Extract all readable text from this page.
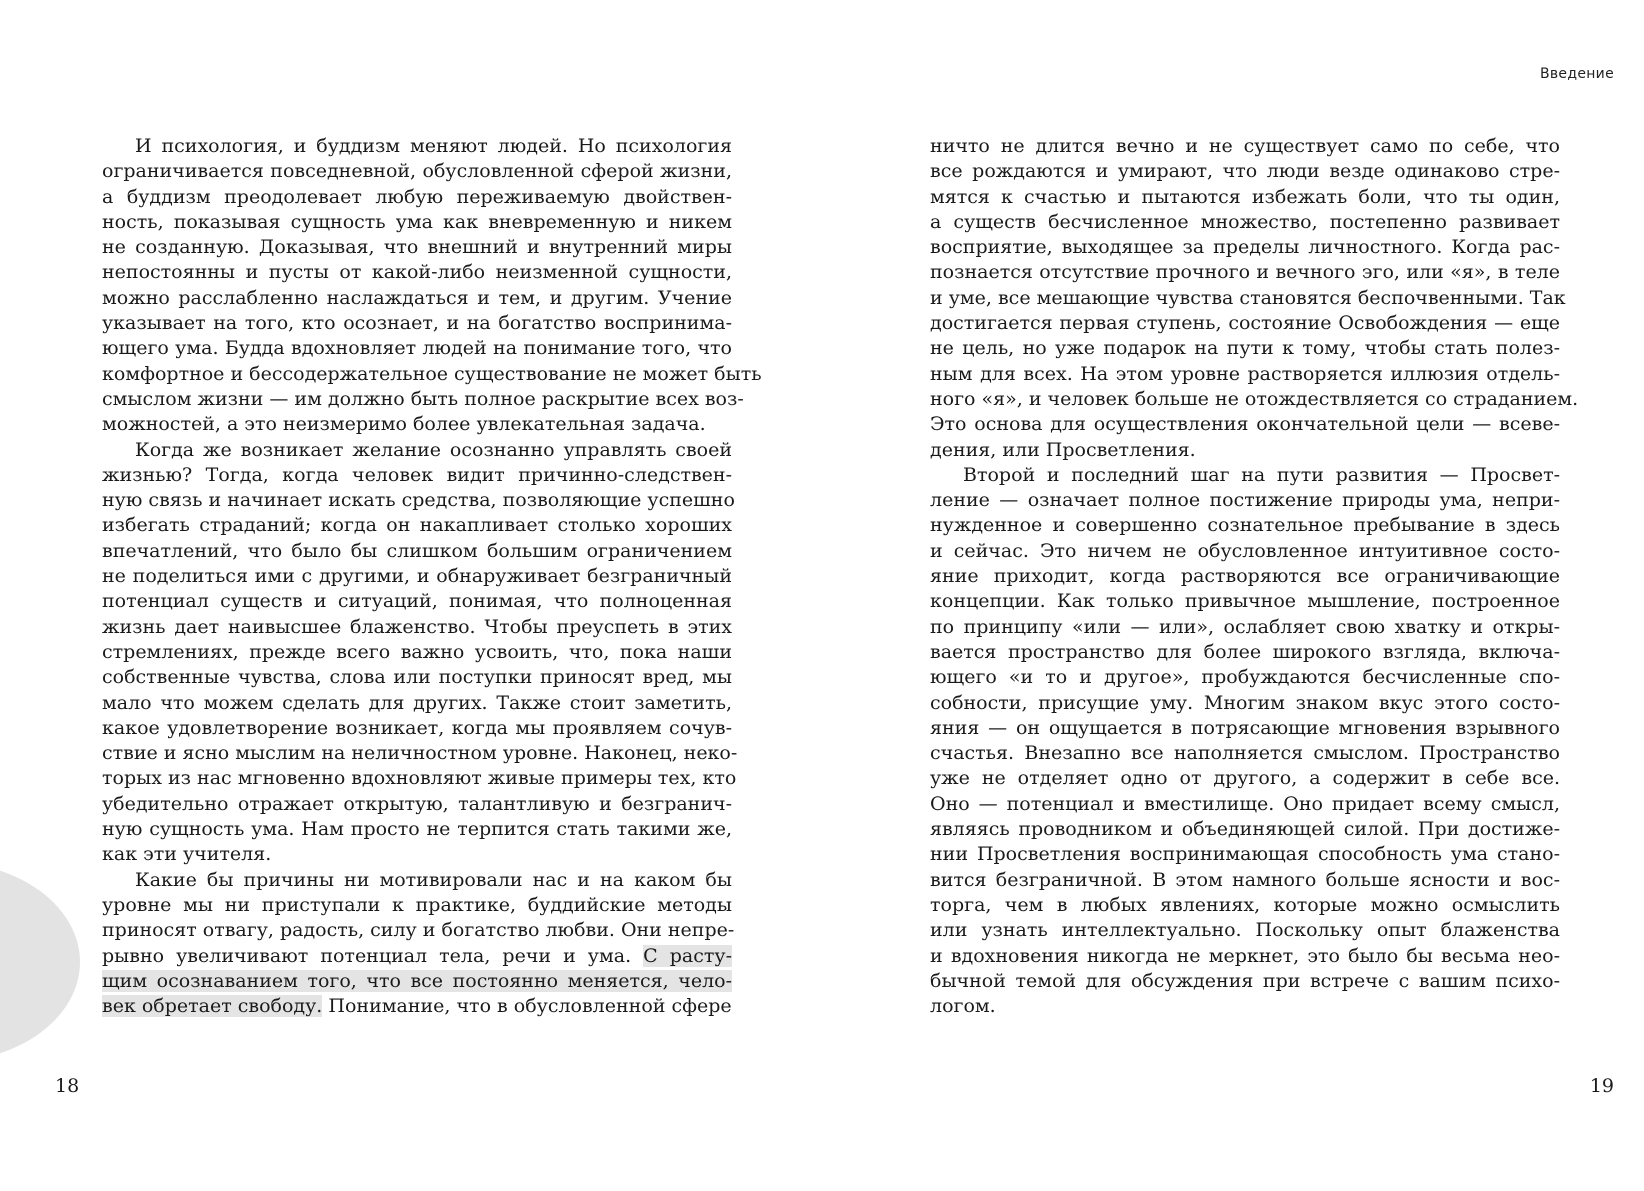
И психология, и буддизм меняют людей. Но психология
ограничивается повседневной, обусловленной сферой жизни,
а буддизм преодолевает любую переживаемую двойствен-
ность, показывая сущность ума как вневременную и никем
не созданную. Доказывая, что внешний и внутренний миры
непостоянны и пусты от какой-либо неизменной сущности,
можно расслабленно наслаждаться и тем, и другим. Учение
указывает на того, кто осознает, и на богатство воспринима-
ющего ума. Будда вдохновляет людей на понимание того, что
комфортное и бессодержательное существование не может быть
смыслом жизни — им должно быть полное раскрытие всех воз-
можностей, а это неизмеримо более увлекательная задача.
Когда же возникает желание осознанно управлять своей
жизнью? Тогда, когда человек видит причинно-следствен-
ную связь и начинает искать средства, позволяющие успешно
избегать страданий; когда он накапливает столько хороших
впечатлений, что было бы слишком большим ограничением
не поделиться ими с другими, и обнаруживает безграничный
потенциал существ и ситуаций, понимая, что полноценная
жизнь дает наивысшее блаженство. Чтобы преуспеть в этих
стремлениях, прежде всего важно усвоить, что, пока наши
собственные чувства, слова или поступки приносят вред, мы
мало что можем сделать для других. Также стоит заметить,
какое удовлетворение возникает, когда мы проявляем сочув-
ствие и ясно мыслим на неличностном уровне. Наконец, неко-
торых из нас мгновенно вдохновляют живые примеры тех, кто
убедительно отражает открытую, талантливую и безгранич-
ную сущность ума. Нам просто не терпится стать такими же,
как эти учителя.
Какие бы причины ни мотивировали нас и на каком бы
уровне мы ни приступали к практике, буддийские методы
приносят отвагу, радость, силу и богатство любви. Они непре-
рывно увеличивают потенциал тела, речи и ума. С расту-
щим осознаванием того, что все постоянно меняется, чело-
век обретает свободу. Понимание, что в обусловленной сфере
18
Введение
ничто не длится вечно и не существует само по себе, что
все рождаются и умирают, что люди везде одинаково стре-
мятся к счастью и пытаются избежать боли, что ты один,
а существ бесчисленное множество, постепенно развивает
восприятие, выходящее за пределы личностного. Когда рас-
познается отсутствие прочного и вечного эго, или «я», в теле
и уме, все мешающие чувства становятся беспочвенными. Так
достигается первая ступень, состояние Освобождения — еще
не цель, но уже подарок на пути к тому, чтобы стать полез-
ным для всех. На этом уровне растворяется иллюзия отдель-
ного «я», и человек больше не отождествляется со страданием.
Это основа для осуществления окончательной цели — всеве-
дения, или Просветления.
Второй и последний шаг на пути развития — Просвет-
ление — означает полное постижение природы ума, непри-
нужденное и совершенно сознательное пребывание в здесь
и сейчас. Это ничем не обусловленное интуитивное состо-
яние приходит, когда растворяются все ограничивающие
концепции. Как только привычное мышление, построенное
по принципу «или — или», ослабляет свою хватку и откры-
вается пространство для более широкого взгляда, включа-
ющего «и то и другое», пробуждаются бесчисленные спо-
собности, присущие уму. Многим знаком вкус этого состо-
яния — он ощущается в потрясающие мгновения взрывного
счастья. Внезапно все наполняется смыслом. Пространство
уже не отделяет одно от другого, а содержит в себе все.
Оно — потенциал и вместилище. Оно придает всему смысл,
являясь проводником и объединяющей силой. При достиже-
нии Просветления воспринимающая способность ума стано-
вится безграничной. В этом намного больше ясности и вос-
торга, чем в любых явлениях, которые можно осмыслить
или узнать интеллектуально. Поскольку опыт блаженства
и вдохновения никогда не меркнет, это было бы весьма нео-
бычной темой для обсуждения при встрече с вашим психо-
логом.
19
